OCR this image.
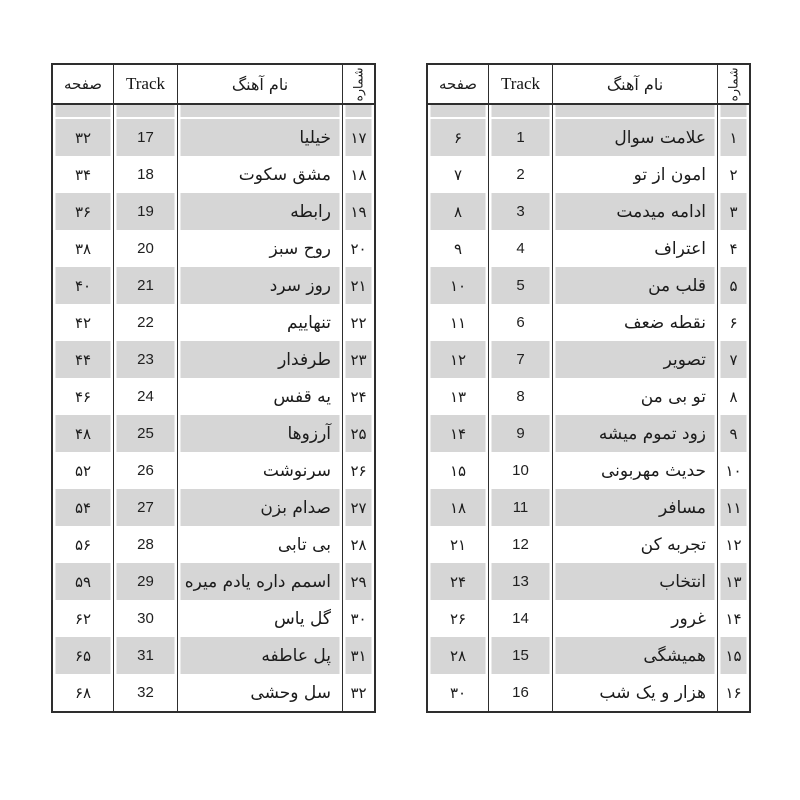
صفحه	Track	نام آهنگ	شماره
۶	1	علامت سوال ۱
۷	2	امون از تو ۲
۸	3	ادامه میدمت ۳
۹	4	اعتراف ۴
۱۰	5	قلب من ۵
۱۱	6	نقطه ضعف ۶
۱۲	7	تصویر ۷
۱۳	8	تو بی من ۸
۱۴	9	زود تموم میشه ۹
۱۵	10	حدیث مهربونی ۱۰
۱۸	11	مسافر ۱۱
۲۱	12	تجربه کن ۱۲
۲۴	13	انتخاب ۱۳
۲۶	14	غرور ۱۴
۲۸	15	همیشگی ۱۵
۳۰	16	هزار و یک شب ۱۶
صفحه	Track	نام آهنگ	شماره
۳۲	17	خیلیا ۱۷
۳۴	18	مشق سکوت ۱۸
۳۶	19	رابطه ۱۹
۳۸	20	روح سبز ۲۰
۴۰	21	روز سرد ۲۱
۴۲	22	تنهاییم ۲۲
۴۴	23	طرفدار ۲۳
۴۶	24	یه قفس ۲۴
۴۸	25	آرزوها ۲۵
۵۲	26	سرنوشت ۲۶
۵۴	27	صدام بزن ۲۷
۵۶	28	بی تابی ۲۸
۵۹	29 اسمم داره یادم میره ۲۹
۶۲	30	گل یاس ۳۰
۶۵	31	پل عاطفه ۳۱
۶۸	32	سل وحشی ۳۲
